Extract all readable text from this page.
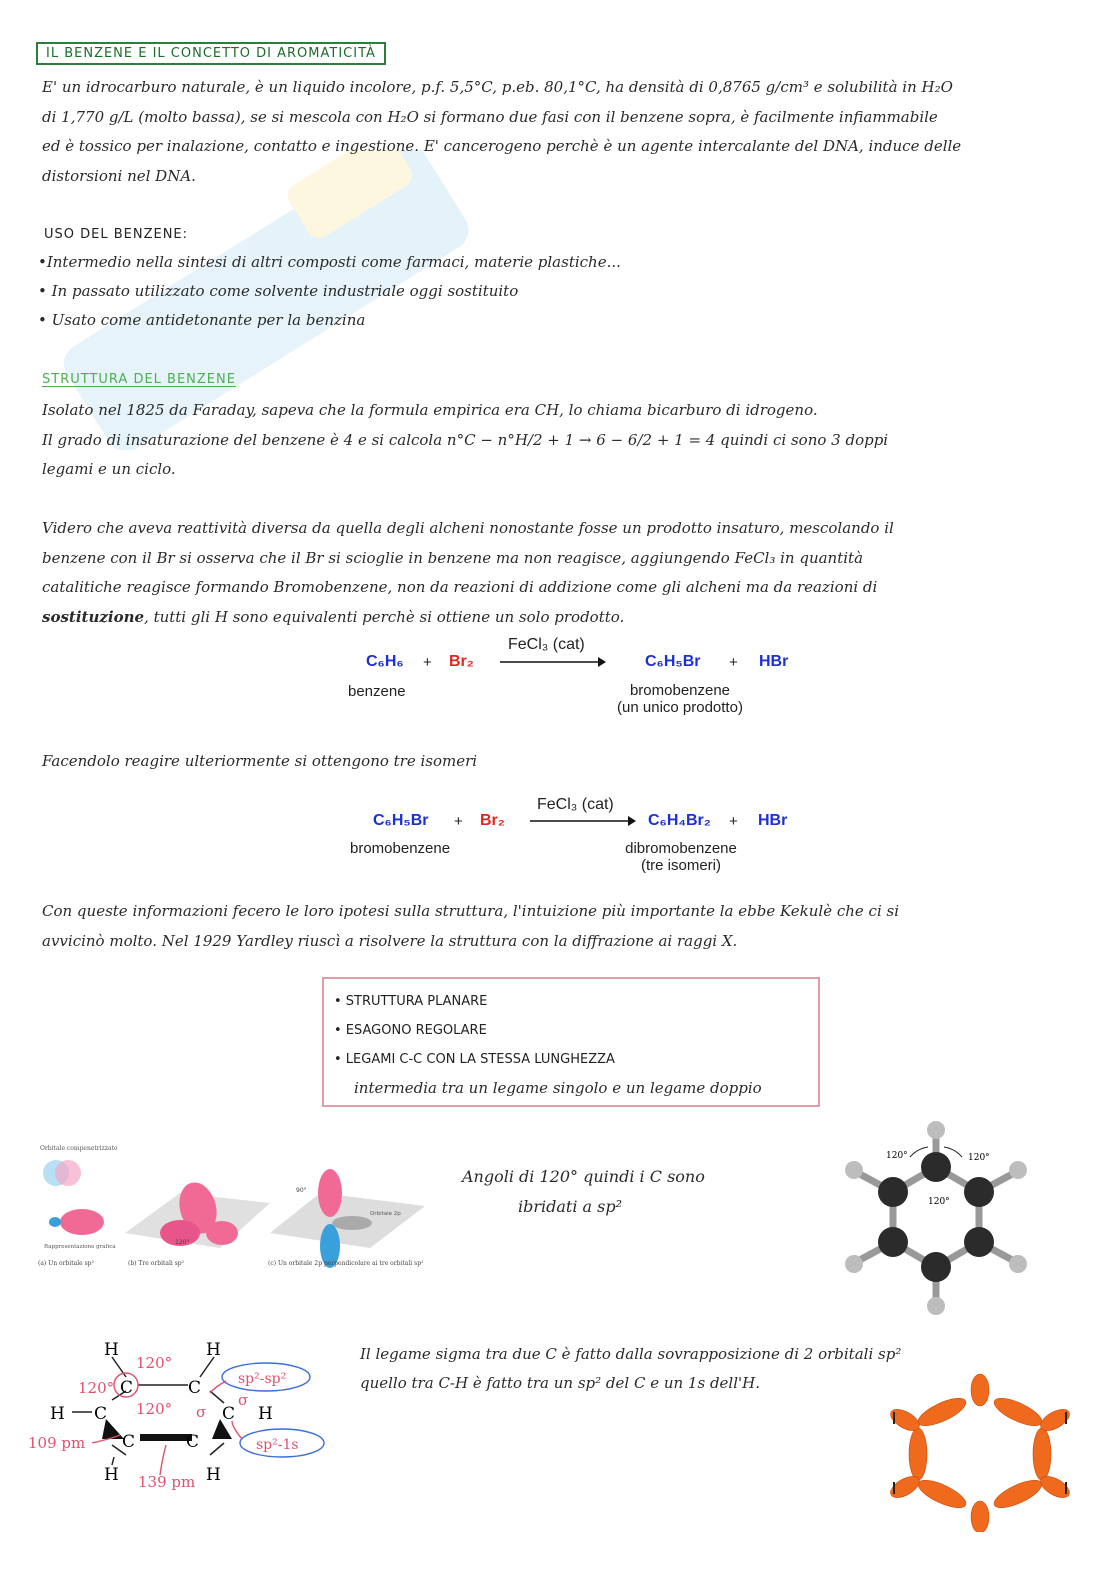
IL BENZENE E IL CONCETTO DI AROMATICITÀ
E' un idrocarburo naturale, è un liquido incolore, p.f. 5,5°C, p.eb. 80,1°C, ha densità di 0,8765 g/cm³ e solubilità in H₂O
di 1,770 g/L (molto bassa), se si mescola con H₂O si formano due fasi con il benzene sopra, è facilmente infiammabile
ed è tossico per inalazione, contatto e ingestione. E' cancerogeno perchè è un agente intercalante del DNA, induce delle
distorsioni nel DNA.
USO DEL BENZENE:
•Intermedio nella sintesi di altri composti come farmaci, materie plastiche...
• In passato utilizzato come solvente industriale oggi sostituito
• Usato come antidetonante per la benzina
STRUTTURA DEL BENZENE
Isolato nel 1825 da Faraday, sapeva che la formula empirica era CH, lo chiama bicarburo di idrogeno.
Il grado di insaturazione del benzene è 4 e si calcola n°C − n°H/2 + 1 → 6 − 6/2 + 1 = 4 quindi ci sono 3 doppi
legami e un ciclo.
Videro che aveva reattività diversa da quella degli alcheni nonostante fosse un prodotto insaturo, mescolando il
benzene con il Br si osserva che il Br si scioglie in benzene ma non reagisce, aggiungendo FeCl₃ in quantità
catalitiche reagisce formando Bromobenzene, non da reazioni di addizione come gli alcheni ma da reazioni di
sostituzione, tutti gli H sono equivalenti perchè si ottiene un solo prodotto.
FeCl₃ (cat)
C₆H₆ + Br₂	C₆H₅Br + HBr
benzene	bromobenzene
(un unico prodotto)
Facendolo reagire ulteriormente si ottengono tre isomeri
FeCl₃ (cat)
C₆H₅Br + Br₂	C₆H₄Br₂ + HBr
bromobenzene	dibromobenzene
(tre isomeri)
Con queste informazioni fecero le loro ipotesi sulla struttura, l'intuizione più importante la ebbe Kekulè che ci si
avvicinò molto. Nel 1929 Yardley riuscì a risolvere la struttura con la diffrazione ai raggi X.
• STRUTTURA PLANARE
• ESAGONO REGOLARE
• LEGAMI C-C CON LA STESSA LUNGHEZZA
intermedia tra un legame singolo e un legame doppio
Orbitale compenetrizzato
Rappresentazione grafica
(a) Un orbitale sp²
120°
(b) Tre orbitali sp²
90°
Orbitale 2p
(c) Un orbitale 2p perpendicolare ai tre orbitali sp²
Angoli di 120° quindi i C sono
ibridati a sp²
120°	120°
120°
H	H
C	C
H C	C H
C	C
H	H
120°
120°
120° σ
σ
109 pm
139 pm
sp²-sp²
sp²-1s
Il legame sigma tra due C è fatto dalla sovrapposizione di 2 orbitali sp²
quello tra C-H è fatto tra un sp² del C e un 1s dell'H.
